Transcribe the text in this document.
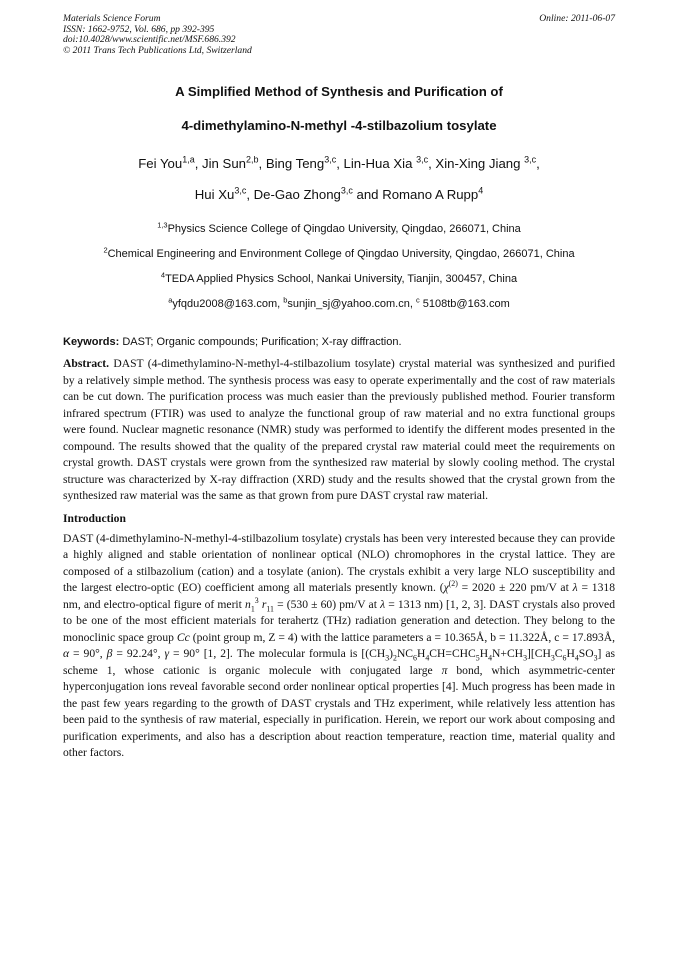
Materials Science Forum
ISSN: 1662-9752, Vol. 686, pp 392-395
doi:10.4028/www.scientific.net/MSF.686.392
© 2011 Trans Tech Publications Ltd, Switzerland
Online: 2011-06-07
A Simplified Method of Synthesis and Purification of
4-dimethylamino-N-methyl -4-stilbazolium tosylate
Fei You$^{1,a}$, Jin Sun$^{2,b}$, Bing Teng$^{3,c}$, Lin-Hua Xia $^{3,c}$, Xin-Xing Jiang $^{3,c}$,
Hui Xu$^{3,c}$, De-Gao Zhong$^{3,c}$ and Romano A Rupp$^4$
$^{1,3}$Physics Science College of Qingdao University, Qingdao, 266071, China
$^2$Chemical Engineering and Environment College of Qingdao University, Qingdao, 266071, China
$^4$TEDA Applied Physics School, Nankai University, Tianjin, 300457, China
$^a$yfqdu2008@163.com, $^b$sunjin_sj@yahoo.com.cn, $^c$ 5108tb@163.com
Keywords: DAST; Organic compounds; Purification; X-ray diffraction.
Abstract. DAST (4-dimethylamino-N-methyl-4-stilbazolium tosylate) crystal material was synthesized and purified by a relatively simple method. The synthesis process was easy to operate experimentally and the cost of raw materials can be cut down. The purification process was much easier than the previously published method. Fourier transform infrared spectrum (FTIR) was used to analyze the functional group of raw material and no extra functional groups were found. Nuclear magnetic resonance (NMR) study was performed to identify the different modes presented in the compound. The results showed that the quality of the prepared crystal raw material could meet the requirements on crystal growth. DAST crystals were grown from the synthesized raw material by slowly cooling method. The crystal structure was characterized by X-ray diffraction (XRD) study and the results showed that the crystal grown from the synthesized raw material was the same as that grown from pure DAST crystal raw material.
Introduction
DAST (4-dimethylamino-N-methyl-4-stilbazolium tosylate) crystals has been very interested because they can provide a highly aligned and stable orientation of nonlinear optical (NLO) chromophores in the crystal lattice. They are composed of a stilbazolium (cation) and a tosylate (anion). The crystals exhibit a very large NLO susceptibility and the largest electro-optic (EO) coefficient among all materials presently known. ($\chi^{(2)} = 2020 \pm 220$ pm/V at λ = 1318 nm, and electro-optical figure of merit $n_1^3$ $r_{11} = (530 \pm 60)$ pm/V at λ = 1313 nm) [1, 2, 3]. DAST crystals also proved to be one of the most efficient materials for terahertz (THz) radiation generation and detection. They belong to the monoclinic space group Cc (point group m, Z = 4) with the lattice parameters a = 10.365Å, b = 11.322Å, c = 17.893Å, α = 90°, β = 92.24°, γ = 90° [1, 2]. The molecular formula is $[(CH_3)_2NC_6H_4CH=CHC_5H_4N+CH_3][CH_3C_6H_4SO_3]$ as scheme 1, whose cationic is organic molecule with conjugated large π bond, which asymmetric-center hyperconjugation ions reveal favorable second order nonlinear optical properties [4]. Much progress has been made in the past few years regarding to the growth of DAST crystals and THz experiment, while relatively less attention has been paid to the synthesis of raw material, especially in purification. Herein, we report our work about composing and purification experiments, and also has a description about reaction temperature, reaction time, material quality and other factors.
